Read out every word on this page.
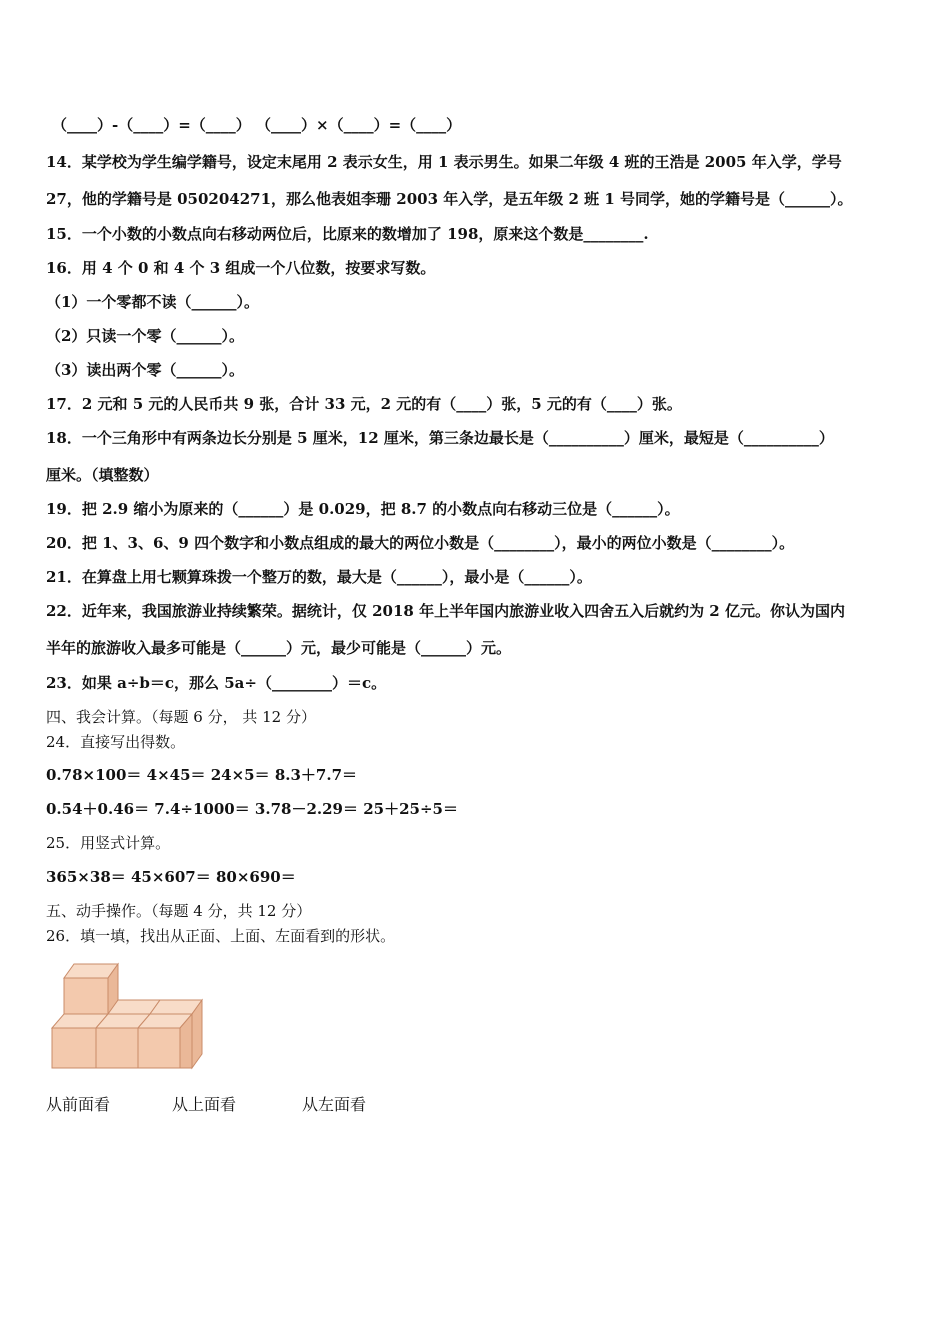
（____）-（____）=（____） （____）×（____）=（____）
14．某学校为学生编学籍号，设定末尾用 2 表示女生，用 1 表示男生。如果二年级 4 班的王浩是 2005 年入学，学号
27，他的学籍号是 050204271，那么他表姐李珊 2003 年入学，是五年级 2 班 1 号同学，她的学籍号是（______）。
15．一个小数的小数点向右移动两位后，比原来的数增加了 198，原来这个数是________.
16．用 4 个 0 和 4 个 3 组成一个八位数，按要求写数。
（1）一个零都不读（______）。
（2）只读一个零（______）。
（3）读出两个零（______）。
17．2 元和 5 元的人民币共 9 张，合计 33 元，2 元的有（____）张，5 元的有（____）张。
18．一个三角形中有两条边长分别是 5 厘米，12 厘米，第三条边最长是（__________）厘米，最短是（__________）
厘米。（填整数）
19．把 2.9 缩小为原来的（______）是 0.029，把 8.7 的小数点向右移动三位是（______）。
20．把 1、3、6、9 四个数字和小数点组成的最大的两位小数是（________），最小的两位小数是（________）。
21．在算盘上用七颗算珠拨一个整万的数，最大是（______），最小是（______）。
22．近年来，我国旅游业持续繁荣。据统计，仅 2018 年上半年国内旅游业收入四舍五入后就约为 2 亿元。你认为国内
半年的旅游收入最多可能是（______）元，最少可能是（______）元。
23．如果 a÷b＝c，那么 5a÷（________）＝c。
四、我会计算。（每题 6 分， 共 12 分）
24．直接写出得数。
0.78×100＝ 4×45＝ 24×5＝ 8.3＋7.7＝
0.54＋0.46＝ 7.4÷1000＝ 3.78－2.29＝ 25＋25÷5＝
25．用竖式计算。
365×38＝ 45×607＝ 80×690＝
五、动手操作。（每题 4 分，共 12 分）
26．填一填，找出从正面、上面、左面看到的形状。
从前面看	从上面看	从左面看
